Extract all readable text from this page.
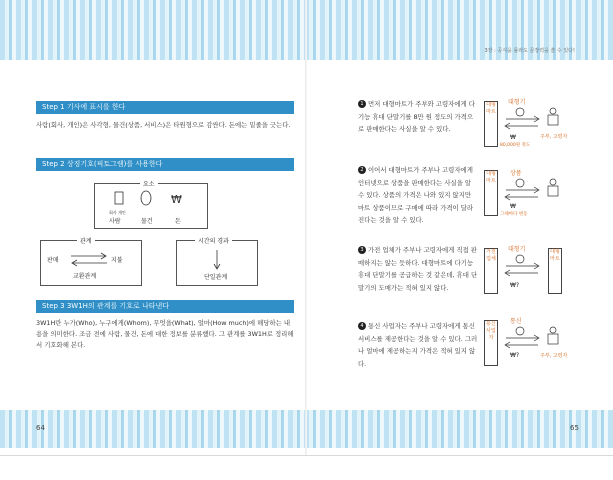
3장 : 공식을 몰라도 문장력을 쓸 수 있다!
64	65
Step 1 기사에 표시를 한다

사람(회사, 개인)은 사각형, 물건(상품, 서비스)은 타원형으로 감싼다. 돈에는 밑줄을 긋는다.

Step 2 상징기호(픽토그램)를 사용한다
요소
₩
회사 개인
사람	물건	돈
관계
판매	지불
교환관계
시간의 경과
단일관계
Step 3 3W1H의 관계를 기호로 나타낸다

3W1H란 누가(Who), 누구에게(Whom), 무엇을(What), 얼마(How much)에 해당하는 내용을 의미한다. 조금 전에 사람, 물건, 돈에 대한 정보를 분류했다. 그 관계를 3W1H로 정리해서 기호화해 본다.

1 먼저 대형마트가 주부와 고령자에게 다기능 휴대 단말기를 8만 원 정도의 가격으로 판매한다는 사실을 알 수 있다.

2 이어서 대형마트가 주부나 고령자에게 인터넷으로 상품을 판매한다는 사실을 알 수 있다. 상품의 가격은 나와 있지 않지만 마트 상품이므로 구매에 따라 가격이 달라진다는 것을 알 수 있다.

3 가전 업체가 주부나 고령자에게 직접 판매하지는 않는 듯하다. 대형마트에 다기능 휴대 단말기를 공급하는 것 같은데, 휴대 단말기의 도매가는 적혀 있지 않다.

4 통신 사업자는 주부나 고령자에게 통신 서비스를 제공한다는 것을 알 수 있다. 그러나 얼마에 제공하는지 가격은 적혀 있지 않다.

대형마트
대형기
₩
80,000원 정도
주부, 고령자
대형마트
상품
₩
그때마다 변동
가전업체
대형기	대형마트
₩?
통신사업자
통신
₩?	주부, 고령자
